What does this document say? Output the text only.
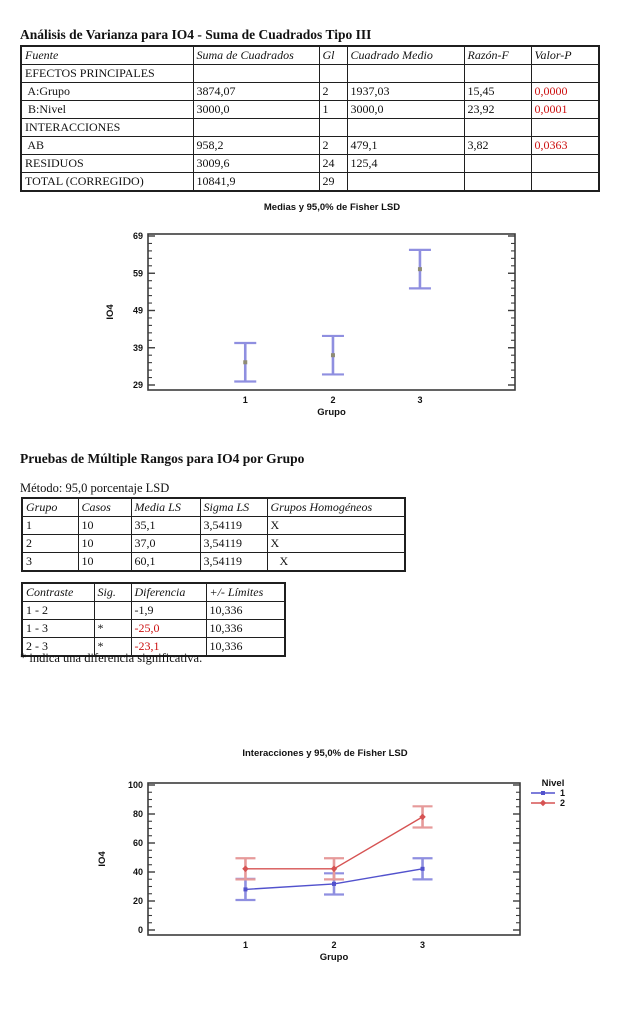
Análisis de Varianza para IO4 - Suma de Cuadrados Tipo III
Fuente	Suma de Cuadrados	Gl	Cuadrado Medio	Razón-F	Valor-P
EFECTOS PRINCIPALES					
A:Grupo	3874,07	2	1937,03	15,45	0,0000
B:Nivel	3000,0	1	3000,0	23,92	0,0001
INTERACCIONES					
AB	958,2	2	479,1	3,82	0,0363
RESIDUOS	3009,6	24	125,4		
TOTAL (CORREGIDO)	10841,9	29			
29
39
49
59
69
Medias y 95,0% de Fisher LSD
1	2	3
Grupo
IO4
Pruebas de Múltiple Rangos para IO4 por Grupo
Método: 95,0 porcentaje LSD
Grupo	Casos	Media LS	Sigma LS	Grupos Homogéneos
1	10	35,1	3,54119	X
2	10	37,0	3,54119	X
3	10	60,1	3,54119	X
Contraste	Sig.	Diferencia	+/- Límites
1 - 2		-1,9	10,336
1 - 3	*	-25,0	10,336
2 - 3	*	-23,1	10,336
* indica una diferencia significativa.
0
20
40
60
80
100
Interacciones y 95,0% de Fisher LSD
1	2	3
Grupo
IO4
Nivel
1
2
